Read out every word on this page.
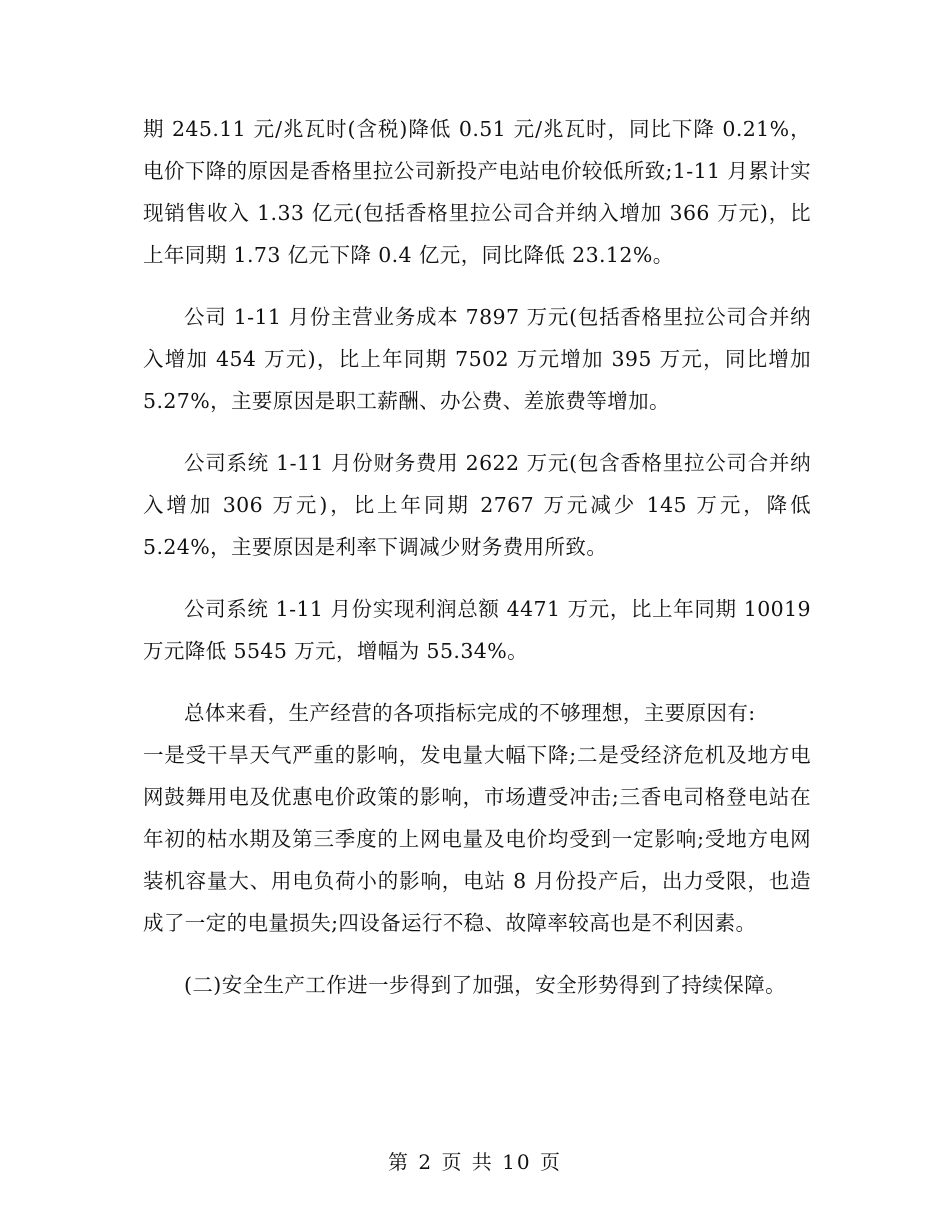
期 245.11 元/兆瓦时(含税)降低 0.51 元/兆瓦时，同比下降 0.21%，电价下降的原因是香格里拉公司新投产电站电价较低所致;1-11 月累计实现销售收入 1.33 亿元(包括香格里拉公司合并纳入增加 366 万元)，比上年同期 1.73 亿元下降 0.4 亿元，同比降低 23.12%。

公司 1-11 月份主营业务成本 7897 万元(包括香格里拉公司合并纳入增加 454 万元)，比上年同期 7502 万元增加 395 万元，同比增加 5.27%，主要原因是职工薪酬、办公费、差旅费等增加。

公司系统 1-11 月份财务费用 2622 万元(包含香格里拉公司合并纳入增加 306 万元)，比上年同期 2767 万元减少 145 万元，降低 5.24%，主要原因是利率下调减少财务费用所致。

公司系统 1-11 月份实现利润总额 4471 万元，比上年同期 10019 万元降低 5545 万元，增幅为 55.34%。

总体来看，生产经营的各项指标完成的不够理想，主要原因有:

一是受干旱天气严重的影响，发电量大幅下降;二是受经济危机及地方电网鼓舞用电及优惠电价政策的影响，市场遭受冲击;三香电司格登电站在年初的枯水期及第三季度的上网电量及电价均受到一定影响;受地方电网装机容量大、用电负荷小的影响，电站 8 月份投产后，出力受限，也造成了一定的电量损失;四设备运行不稳、故障率较高也是不利因素。

(二)安全生产工作进一步得到了加强，安全形势得到了持续保障。

第 2 页 共 10 页
